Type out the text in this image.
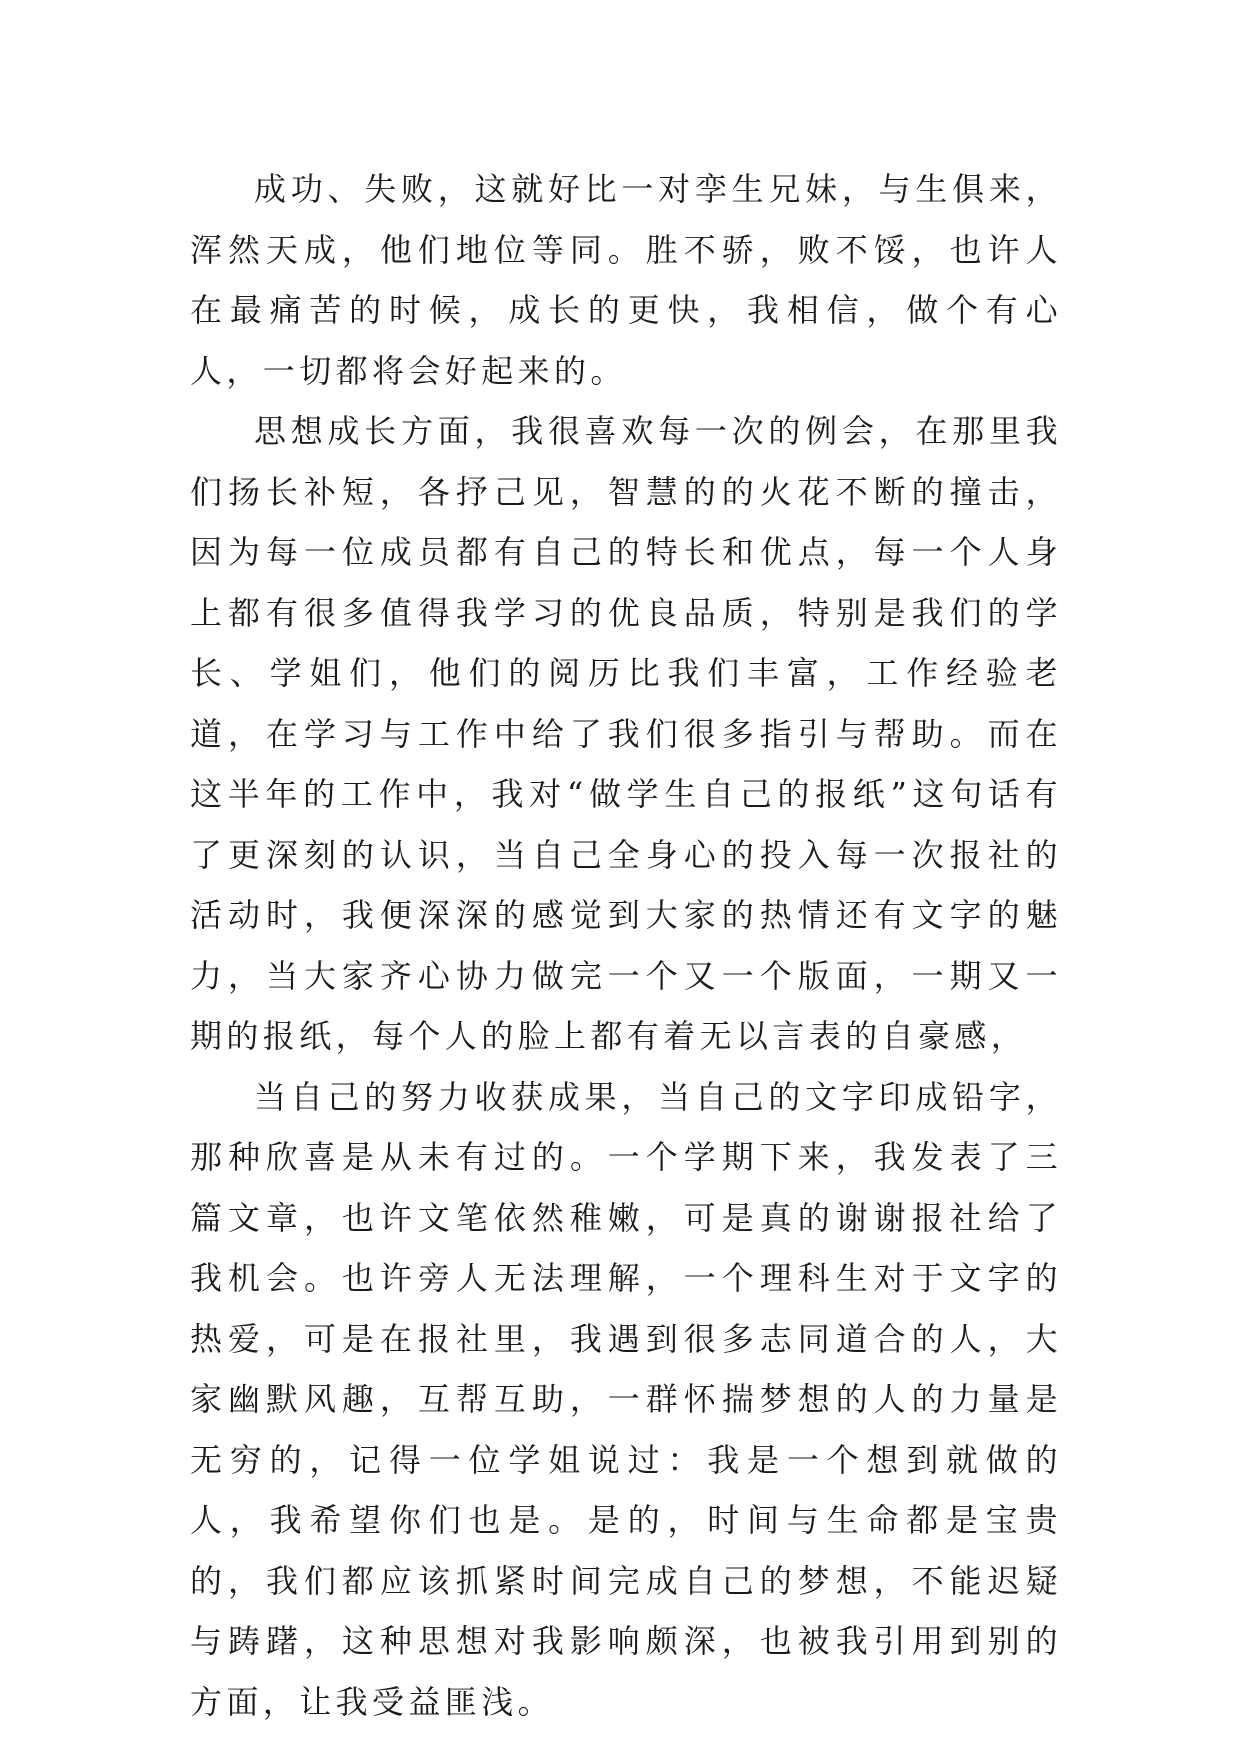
成功、失败，这就好比一对孪生兄妹，与生俱来，浑然天成，他们地位等同。胜不骄，败不馁，也许人在最痛苦的时候，成长的更快，我相信，做个有心人，一切都将会好起来的。

思想成长方面，我很喜欢每一次的例会，在那里我们扬长补短，各抒己见，智慧的的火花不断的撞击，因为每一位成员都有自己的特长和优点，每一个人身上都有很多值得我学习的优良品质，特别是我们的学长、学姐们，他们的阅历比我们丰富，工作经验老道，在学习与工作中给了我们很多指引与帮助。而在这半年的工作中，我对“做学生自己的报纸”这句话有了更深刻的认识，当自己全身心的投入每一次报社的活动时，我便深深的感觉到大家的热情还有文字的魅力，当大家齐心协力做完一个又一个版面，一期又一期的报纸，每个人的脸上都有着无以言表的自豪感，

当自己的努力收获成果，当自己的文字印成铅字，那种欣喜是从未有过的。一个学期下来，我发表了三篇文章，也许文笔依然稚嫩，可是真的谢谢报社给了我机会。也许旁人无法理解，一个理科生对于文字的热爱，可是在报社里，我遇到很多志同道合的人，大家幽默风趣，互帮互助，一群怀揣梦想的人的力量是无穷的，记得一位学姐说过：我是一个想到就做的人，我希望你们也是。是的，时间与生命都是宝贵的，我们都应该抓紧时间完成自己的梦想，不能迟疑与踌躇，这种思想对我影响颇深，也被我引用到别的方面，让我受益匪浅。
